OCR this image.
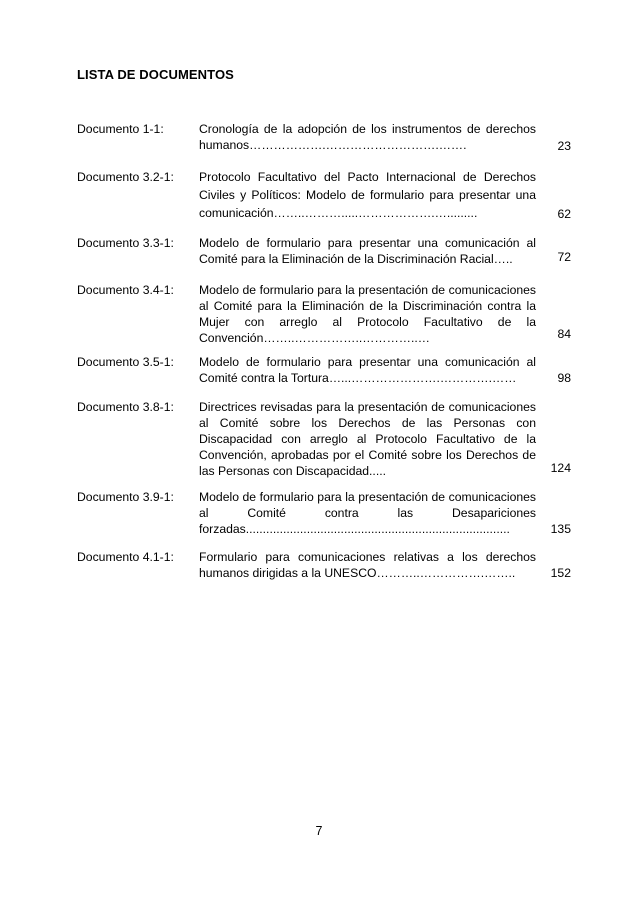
LISTA DE DOCUMENTOS
Documento 1-1:	Cronología de la adopción de los instrumentos de derechos humanos……………….……………………….…….	23
Documento 3.2-1: Protocolo Facultativo del Pacto Internacional de Derechos Civiles y Políticos: Modelo de formulario para presentar una comunicación……..……….....……………….….........	62
Documento 3.3-1: Modelo de formulario para presentar una comunicación al Comité para la Eliminación de la Discriminación Racial…..	72
Documento 3.4-1: Modelo de formulario para la presentación de comunicaciones al Comité para la Eliminación de la Discriminación contra la Mujer con arreglo al Protocolo Facultativo de la Convención……..……………..…………..…	84
Documento 3.5-1: Modelo de formulario para presentar una comunicación al Comité contra la Tortura…...………………….………….……	98
Documento 3.8-1: Directrices revisadas para la presentación de comunicaciones al Comité sobre los Derechos de las Personas con Discapacidad con arreglo al Protocolo Facultativo de la Convención, aprobadas por el Comité sobre los Derechos de las Personas con Discapacidad.....	124
Documento 3.9-1: Modelo de formulario para la presentación de comunicaciones al Comité contra las Desapariciones forzadas..............................................................................	135
Documento 4.1-1: Formulario para comunicaciones relativas a los derechos humanos dirigidas a la UNESCO………..…………….……..	152
7
